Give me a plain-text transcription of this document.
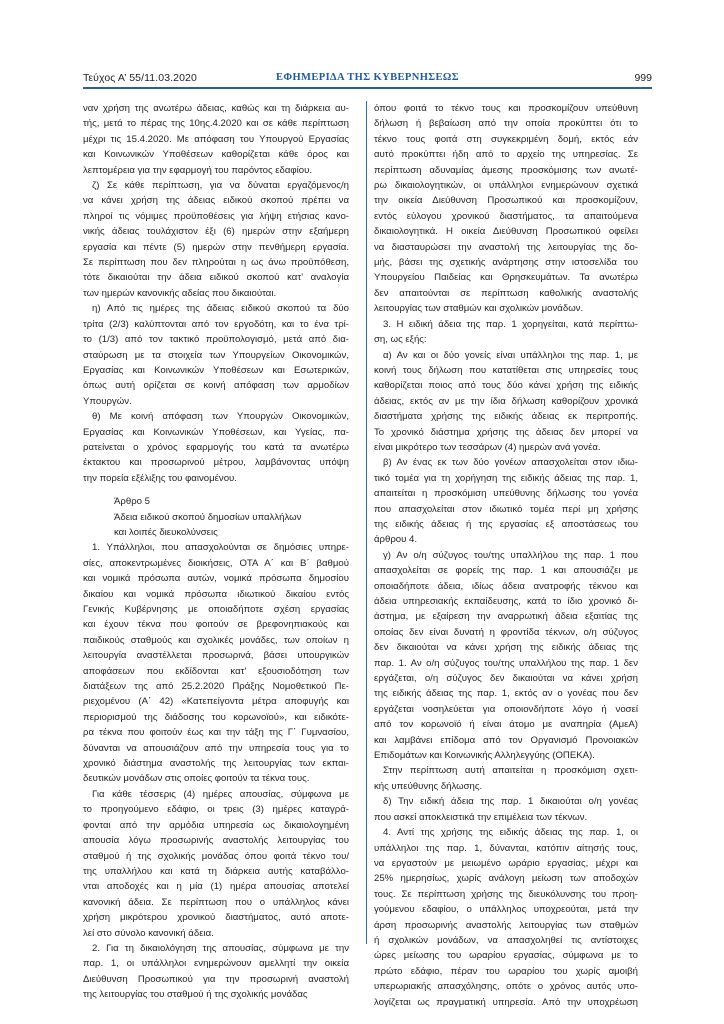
Τεύχος Α’ 55/11.03.2020	ΕΦΗΜΕΡΙΔΑ ΤΗΣ ΚΥΒΕΡΝΗΣΕΩΣ	999
ναν χρήση της ανωτέρω άδειας, καθώς και τη διάρκεια αυ-
τής, μετά το πέρας της 10ης.4.2020 και σε κάθε περίπτωση
μέχρι τις 15.4.2020. Με απόφαση του Υπουργού Εργασίας
και Κοινωνικών Υποθέσεων καθορίζεται κάθε όρος και
λεπτομέρεια για την εφαρμογή του παρόντος εδαφίου.
ζ) Σε κάθε περίπτωση, για να δύναται εργαζόμενος/η
να κάνει χρήση της άδειας ειδικού σκοπού πρέπει να
πληροί τις νόμιμες προϋποθέσεις για λήψη ετήσιας κανο-
νικής άδειας τουλάχιστον έξι (6) ημερών στην εξαήμερη
εργασία και πέντε (5) ημερών στην πενθήμερη εργασία.
Σε περίπτωση που δεν πληρούται η ως άνω προϋπόθεση,
τότε δικαιούται την άδεια ειδικού σκοπού κατ’ αναλογία
των ημερών κανονικής αδείας που δικαιούται.
η) Από τις ημέρες της άδειας ειδικού σκοπού τα δύο
τρίτα (2/3) καλύπτονται από τον εργοδότη, και το ένα τρί-
το (1/3) από τον τακτικό προϋπολογισμό, μετά από δια-
σταύρωση με τα στοιχεία των Υπουργείων Οικονομικών,
Εργασίας και Κοινωνικών Υποθέσεων και Εσωτερικών,
όπως αυτή ορίζεται σε κοινή απόφαση των αρμοδίων
Υπουργών.
θ) Με κοινή απόφαση των Υπουργών Οικονομικών,
Εργασίας και Κοινωνικών Υποθέσεων, και Υγείας, πα-
ρατείνεται ο χρόνος εφαρμογής του κατά τα ανωτέρω
έκτακτου και προσωρινού μέτρου, λαμβάνοντας υπόψη
την πορεία εξέλιξης του φαινομένου.
Άρθρο 5
Άδεια ειδικού σκοπού δημοσίων υπαλλήλων
και λοιπές διευκολύνσεις
1. Υπάλληλοι, που απασχολούνται σε δημόσιες υπηρε-
σίες, αποκεντρωμένες διοικήσεις, ΟΤΑ Α΄ και Β΄ βαθμού
και νομικά πρόσωπα αυτών, νομικά πρόσωπα δημοσίου
δικαίου και νομικά πρόσωπα ιδιωτικού δικαίου εντός
Γενικής Κυβέρνησης με οποιαδήποτε σχέση εργασίας
και έχουν τέκνα που φοιτούν σε βρεφονηπιακούς και
παιδικούς σταθμούς και σχολικές μονάδες, των οποίων η
λειτουργία αναστέλλεται προσωρινά, βάσει υπουργικών
αποφάσεων που εκδίδονται κατ’ εξουσιοδότηση των
διατάξεων της από 25.2.2020 Πράξης Νομοθετικού Πε-
ριεχομένου (Α΄ 42) «Κατεπείγοντα μέτρα αποφυγής και
περιορισμού της διάδοσης του κορωνοϊού», και ειδικότε-
ρα τέκνα που φοιτούν έως και την τάξη της Γ΄ Γυμνασίου,
δύνανται να απουσιάζουν από την υπηρεσία τους για το
χρονικό διάστημα αναστολής της λειτουργίας των εκπαι-
δευτικών μονάδων στις οποίες φοιτούν τα τέκνα τους.
Για κάθε τέσσερις (4) ημέρες απουσίας, σύμφωνα με
το προηγούμενο εδάφιο, οι τρεις (3) ημέρες καταγρά-
φονται από την αρμόδια υπηρεσία ως δικαιολογημένη
απουσία λόγω προσωρινής αναστολής λειτουργίας του
σταθμού ή της σχολικής μονάδας όπου φοιτά τέκνο του/
της υπαλλήλου και κατά τη διάρκεια αυτής καταβάλλο-
νται αποδοχές και η μία (1) ημέρα απουσίας αποτελεί
κανονική άδεια. Σε περίπτωση που ο υπάλληλος κάνει
χρήση μικρότερου χρονικού διαστήματος, αυτό αποτε-
λεί στο σύνολο κανονική άδεια.
2. Για τη δικαιολόγηση της απουσίας, σύμφωνα με την
παρ. 1, οι υπάλληλοι ενημερώνουν αμελλητί την οικεία
Διεύθυνση Προσωπικού για την προσωρινή αναστολή
της λειτουργίας του σταθμού ή της σχολικής μονάδας
όπου φοιτά το τέκνο τους και προσκομίζουν υπεύθυνη
δήλωση ή βεβαίωση από την οποία προκύπτει ότι το
τέκνο τους φοιτά στη συγκεκριμένη δομή, εκτός εάν
αυτό προκύπτει ήδη από το αρχείο της υπηρεσίας. Σε
περίπτωση αδυναμίας άμεσης προσκόμισης των ανωτέ-
ρω δικαιολογητικών, οι υπάλληλοι ενημερώνουν σχετικά
την οικεία Διεύθυνση Προσωπικού και προσκομίζουν,
εντός εύλογου χρονικού διαστήματος, τα απαιτούμενα
δικαιολογητικά. Η οικεία Διεύθυνση Προσωπικού οφείλει
να διασταυρώσει την αναστολή της λειτουργίας της δο-
μής, βάσει της σχετικής ανάρτησης στην ιστοσελίδα του
Υπουργείου Παιδείας και Θρησκευμάτων. Τα ανωτέρω
δεν απαιτούνται σε περίπτωση καθολικής αναστολής
λειτουργίας των σταθμών και σχολικών μονάδων.
3. Η ειδική άδεια της παρ. 1 χορηγείται, κατά περίπτω-
ση, ως εξής:
α) Αν και οι δύο γονείς είναι υπάλληλοι της παρ. 1, με
κοινή τους δήλωση που κατατίθεται στις υπηρεσίες τους
καθορίζεται ποιος από τους δύο κάνει χρήση της ειδικής
άδειας, εκτός αν με την ίδια δήλωση καθορίζουν χρονικά
διαστήματα χρήσης της ειδικής άδειας εκ περιτροπής.
Το χρονικό διάστημα χρήσης της άδειας δεν μπορεί να
είναι μικρότερο των τεσσάρων (4) ημερών ανά γονέα.
β) Αν ένας εκ των δύο γονέων απασχολείται στον ιδιω-
τικό τομέα για τη χορήγηση της ειδικής άδειας της παρ. 1,
απαιτείται η προσκόμιση υπεύθυνης δήλωσης του γονέα
που απασχολείται στον ιδιωτικό τομέα περί μη χρήσης
της ειδικής άδειας ή της εργασίας εξ αποστάσεως του
άρθρου 4.
γ) Αν ο/η σύζυγος του/της υπαλλήλου της παρ. 1 που
απασχολείται σε φορείς της παρ. 1 και απουσιάζει με
οποιαδήποτε άδεια, ιδίως άδεια ανατροφής τέκνου και
άδεια υπηρεσιακής εκπαίδευσης, κατά το ίδιο χρονικό δι-
άστημα, με εξαίρεση την αναρρωτική άδεια εξαιτίας της
οποίας δεν είναι δυνατή η φροντίδα τέκνων, ο/η σύζυγος
δεν δικαιούται να κάνει χρήση της ειδικής άδειας της
παρ. 1. Αν ο/η σύζυγος του/της υπαλλήλου της παρ. 1 δεν
εργάζεται, ο/η σύζυγος δεν δικαιούται να κάνει χρήση
της ειδικής άδειας της παρ. 1, εκτός αν ο γονέας που δεν
εργάζεται νοσηλεύεται για οποιονδήποτε λόγο ή νοσεί
από τον κορωνοϊό ή είναι άτομο με αναπηρία (ΑμεΑ)
και λαμβάνει επίδομα από τον Οργανισμό Προνοιακών
Επιδομάτων και Κοινωνικής Αλληλεγγύης (ΟΠΕΚΑ).
Στην περίπτωση αυτή απαιτείται η προσκόμιση σχετι-
κής υπεύθυνης δήλωσης.
δ) Την ειδική άδεια της παρ. 1 δικαιούται ο/η γονέας
που ασκεί αποκλειστικά την επιμέλεια των τέκνων.
4. Αντί της χρήσης της ειδικής άδειας της παρ. 1, οι
υπάλληλοι της παρ. 1, δύνανται, κατόπιν αίτησής τους,
να εργαστούν με μειωμένο ωράριο εργασίας, μέχρι και
25% ημερησίως, χωρίς ανάλογη μείωση των αποδοχών
τους. Σε περίπτωση χρήσης της διευκόλυνσης του προη-
γούμενου εδαφίου, ο υπάλληλος υποχρεούται, μετά την
άρση προσωρινής αναστολής λειτουργίας των σταθμών
ή σχολικών μονάδων, να απασχοληθεί τις αντίστοιχες
ώρες μείωσης του ωραρίου εργασίας, σύμφωνα με το
πρώτο εδάφιο, πέραν του ωραρίου του χωρίς αμοιβή
υπερωριακής απασχόλησης, οπότε ο χρόνος αυτός υπο-
λογίζεται ως πραγματική υπηρεσία. Από την υποχρέωση
